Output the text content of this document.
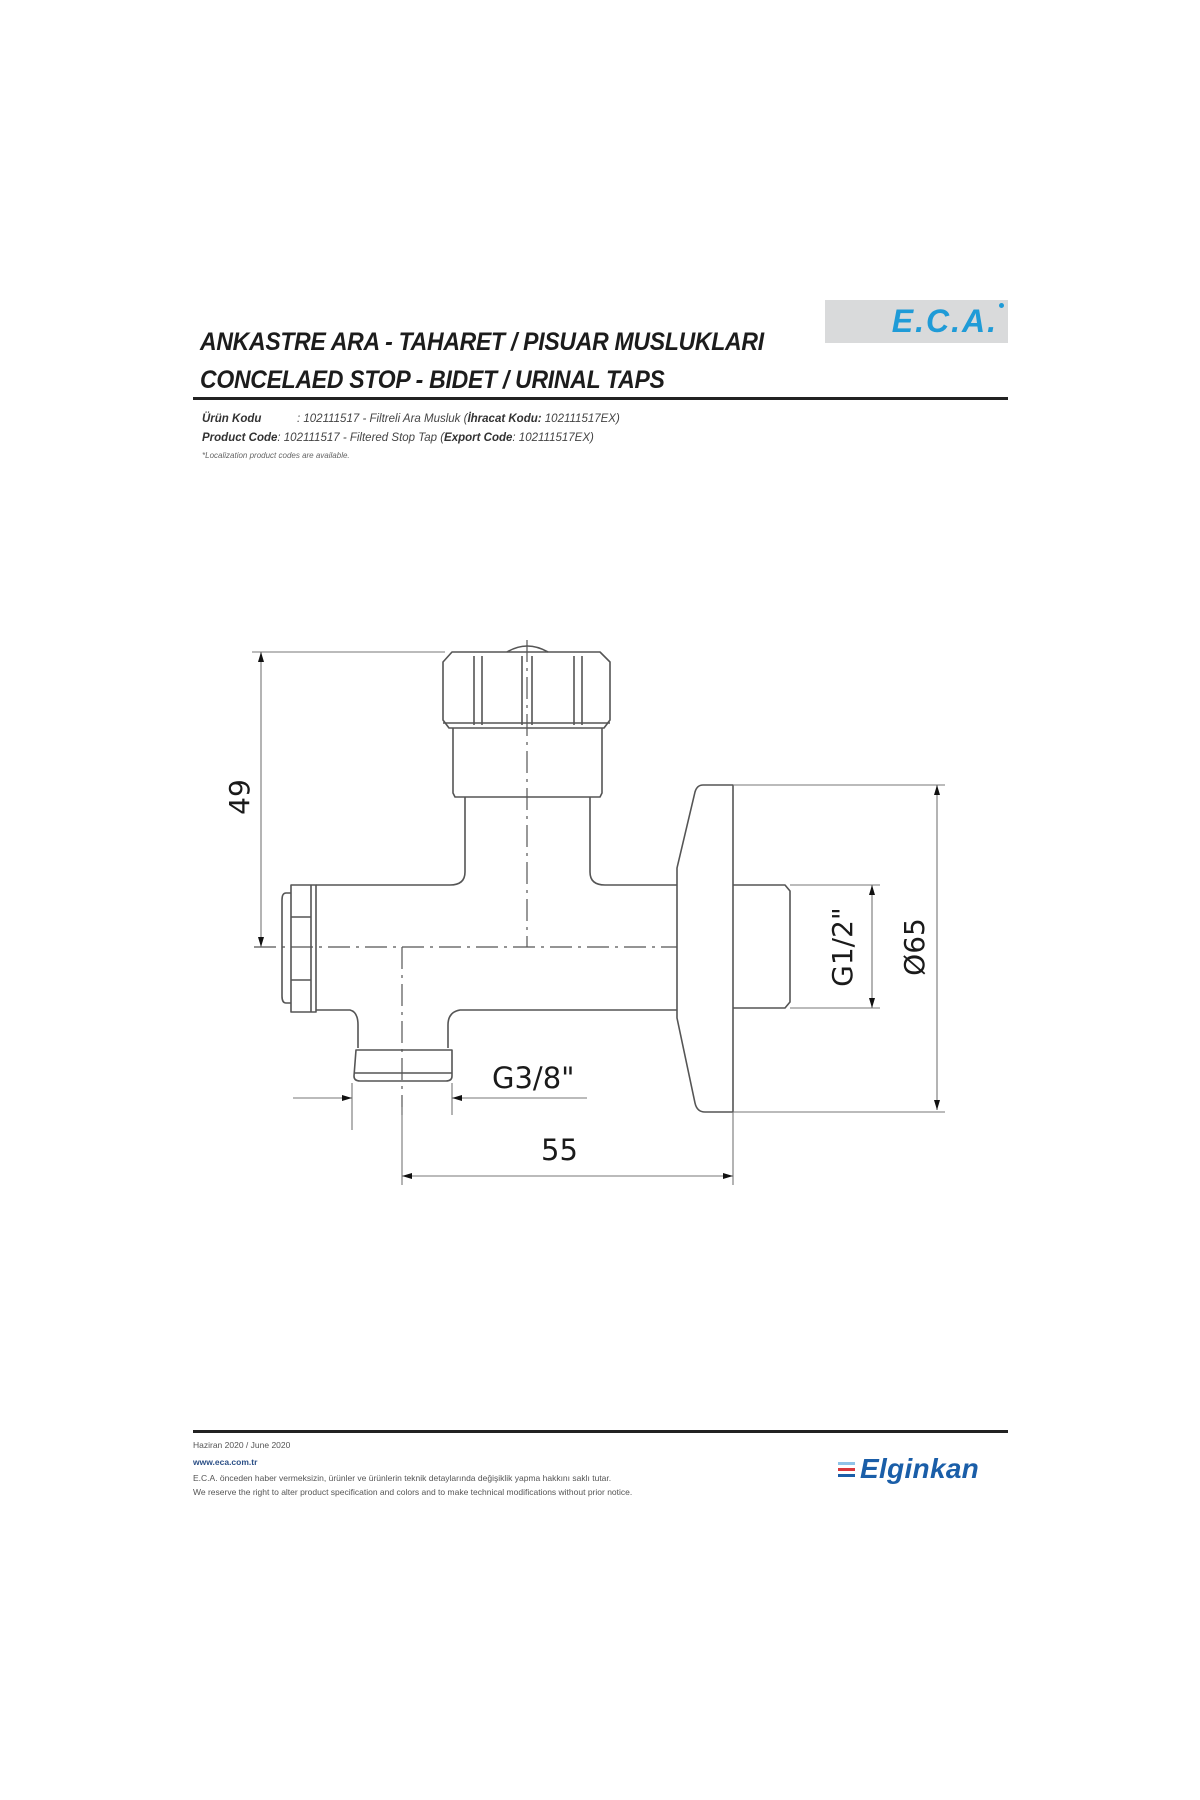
ANKASTRE ARA - TAHARET / PISUAR MUSLUKLARI
CONCELAED STOP - BIDET / URINAL TAPS
E.C.A.
Ürün Kodu	: 102111517 - Filtreli Ara Musluk (İhracat Kodu: 102111517EX)
Product Code: 102111517 - Filtered Stop Tap (Export Code: 102111517EX)
*Localization product codes are available.
49
G3/8"
55
G1/2" Ø65
Haziran 2020 / June 2020
www.eca.com.tr
E.C.A. önceden haber vermeksizin, ürünler ve ürünlerin teknik detaylarında değişiklik yapma hakkını saklı tutar.
We reserve the right to alter product specification and colors and to make technical modifications without prior notice.
Elginkan
